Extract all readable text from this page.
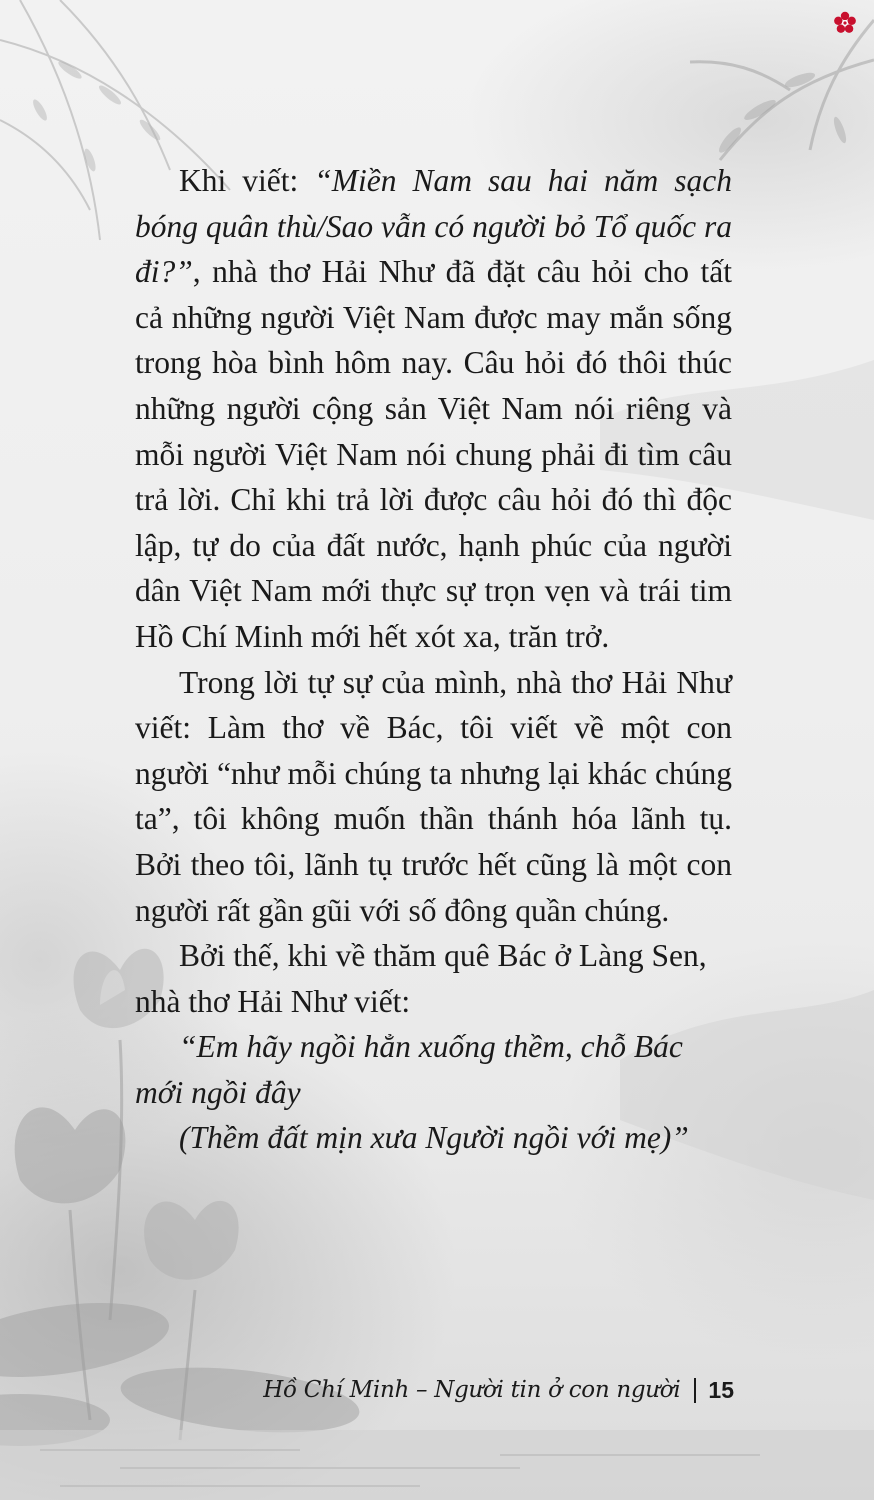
Khi viết: “Miền Nam sau hai năm sạch bóng quân thù/Sao vẫn có người bỏ Tổ quốc ra đi?”, nhà thơ Hải Như đã đặt câu hỏi cho tất cả những người Việt Nam được may mắn sống trong hòa bình hôm nay. Câu hỏi đó thôi thúc những người cộng sản Việt Nam nói riêng và mỗi người Việt Nam nói chung phải đi tìm câu trả lời. Chỉ khi trả lời được câu hỏi đó thì độc lập, tự do của đất nước, hạnh phúc của người dân Việt Nam mới thực sự trọn vẹn và trái tim Hồ Chí Minh mới hết xót xa, trăn trở.

Trong lời tự sự của mình, nhà thơ Hải Như viết: Làm thơ về Bác, tôi viết về một con người “như mỗi chúng ta nhưng lại khác chúng ta”, tôi không muốn thần thánh hóa lãnh tụ. Bởi theo tôi, lãnh tụ trước hết cũng là một con người rất gần gũi với số đông quần chúng.

Bởi thế, khi về thăm quê Bác ở Làng Sen, nhà thơ Hải Như viết:

“Em hãy ngồi hẳn xuống thềm, chỗ Bác mới ngồi đây

(Thềm đất mịn xưa Người ngồi với mẹ)”

Hồ Chí Minh – Người tin ở con người 15
